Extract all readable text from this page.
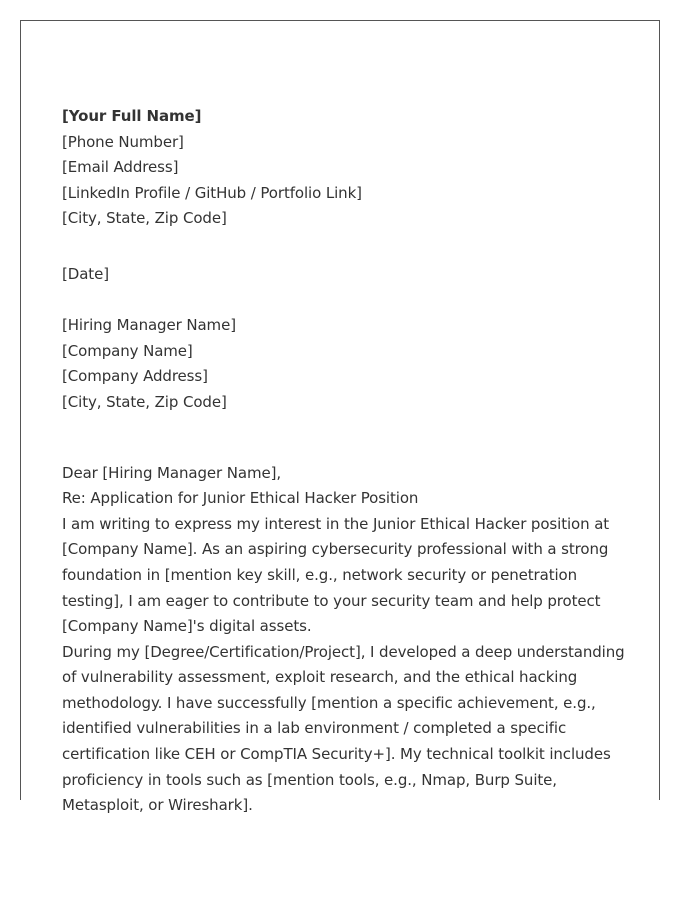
[Your Full Name]
[Phone Number]
[Email Address]
[LinkedIn Profile / GitHub / Portfolio Link]
[City, State, Zip Code]
[Date]
[Hiring Manager Name]
[Company Name]
[Company Address]
[City, State, Zip Code]
Dear [Hiring Manager Name],
Re: Application for Junior Ethical Hacker Position
I am writing to express my interest in the Junior Ethical Hacker position at [Company Name]. As an aspiring cybersecurity professional with a strong foundation in [mention key skill, e.g., network security or penetration testing], I am eager to contribute to your security team and help protect [Company Name]'s digital assets.
During my [Degree/Certification/Project], I developed a deep understanding of vulnerability assessment, exploit research, and the ethical hacking methodology. I have successfully [mention a specific achievement, e.g., identified vulnerabilities in a lab environment / completed a specific certification like CEH or CompTIA Security+]. My technical toolkit includes proficiency in tools such as [mention tools, e.g., Nmap, Burp Suite, Metasploit, or Wireshark].
